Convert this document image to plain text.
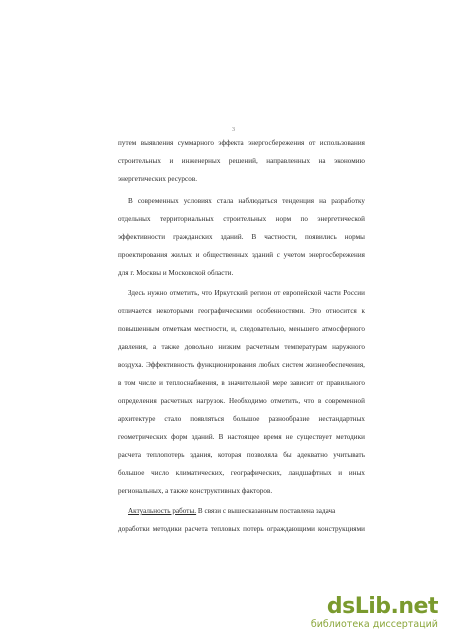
3
путем выявления суммарного эффекта энергосбережения от использования
строительных и инженерных решений, направленных на экономию
энергетических ресурсов.
В современных условиях стала наблюдаться тенденция на разработку
отдельных территориальных строительных норм по энергетической
эффективности гражданских зданий. В частности, появились нормы
проектирования жилых и общественных зданий с учетом энергосбережения
для г. Москвы и Московской области.
Здесь нужно отметить, что Иркутский регион от европейской части России
отличается некоторыми географическими особенностями. Это относится к
повышенным отметкам местности, и, следовательно, меньшего атмосферного
давления, а также довольно низким расчетным температурам наружного
воздуха. Эффективность функционирования любых систем жизнеобеспечения,
в том числе и теплоснабжения, в значительной мере зависит от правильного
определения расчетных нагрузок. Необходимо отметить, что в современной
архитектуре стало появляться большое разнообразие нестандартных
геометрических форм зданий. В настоящее время не существует методики
расчета теплопотерь здания, которая позволяла бы адекватно учитывать
большое число климатических, географических, ландшафтных и иных
региональных, а также конструктивных факторов.
Актуальность работы. В связи с вышесказанным поставлена задача
доработки методики расчета тепловых потерь ограждающими конструкциями
dsLib.net
библиотека диссертаций
